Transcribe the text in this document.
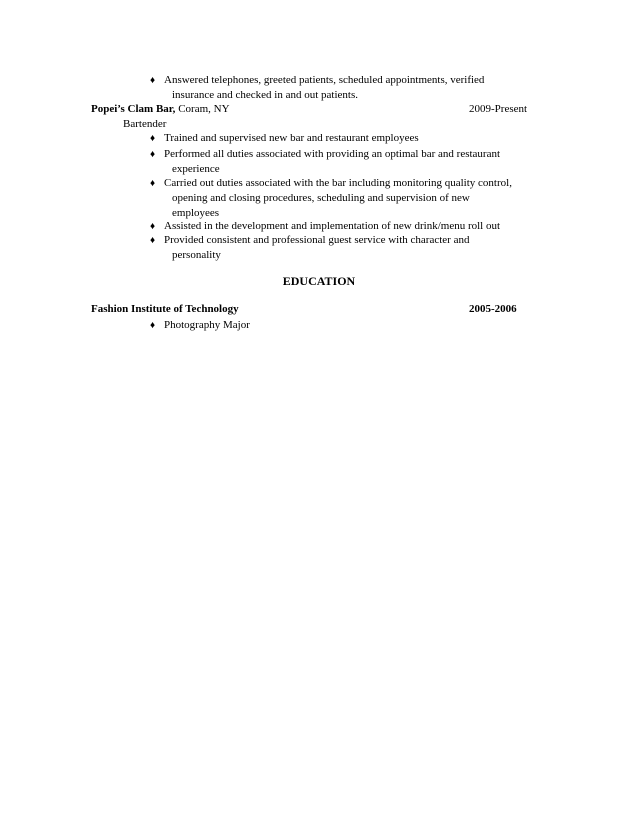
♦ Answered telephones, greeted patients, scheduled appointments, verified
insurance and checked in and out patients.
Popei’s Clam Bar, Coram, NY	2009-Present
Bartender
♦ Trained and supervised new bar and restaurant employees
♦ Performed all duties associated with providing an optimal bar and restaurant
experience
♦ Carried out duties associated with the bar including monitoring quality control,
opening and closing procedures, scheduling and supervision of new
employees
♦ Assisted in the development and implementation of new drink/menu roll out
♦ Provided consistent and professional guest service with character and
personality
EDUCATION
Fashion Institute of Technology	2005-2006
♦ Photography Major
